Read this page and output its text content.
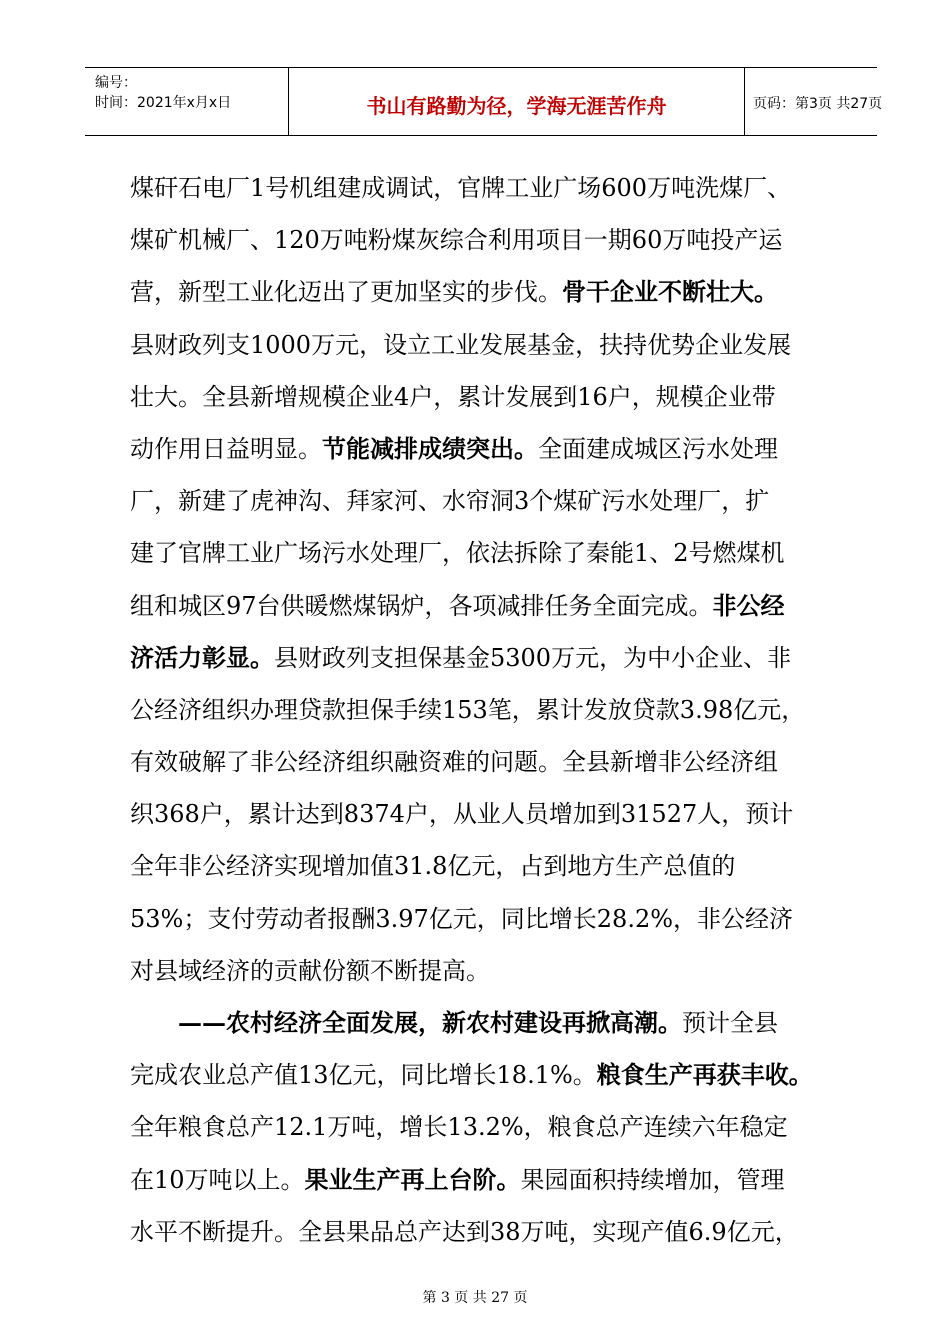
编号：
时间：2021年x月x日	书山有路勤为径，学海无涯苦作舟	页码：第3页 共27页
煤矸石电厂1号机组建成调试，官牌工业广场600万吨洗煤厂、
煤矿机械厂、120万吨粉煤灰综合利用项目一期60万吨投产运
营，新型工业化迈出了更加坚实的步伐。 骨干企业不断壮大。
县财政列支1000万元，设立工业发展基金，扶持优势企业发展
壮大。全县新增规模企业4户，累计发展到16户，规模企业带
动作用日益明显。 节能减排成绩突出。 全面建成城区污水处理
厂，新建了虎神沟、拜家河、水帘洞3个煤矿污水处理厂，扩
建了官牌工业广场污水处理厂，依法拆除了秦能1、2号燃煤机
组和城区97台供暖燃煤锅炉，各项减排任务全面完成。 非公经
济活力彰显。 县财政列支担保基金5300万元，为中小企业、非
公经济组织办理贷款担保手续153笔，累计发放贷款3.98亿元，
有效破解了非公经济组织融资难的问题。全县新增非公经济组
织368户，累计达到8374户，从业人员增加到31527人，预计
全年非公经济实现增加值31.8亿元，占到地方生产总值的
53%；支付劳动者报酬3.97亿元，同比增长28.2%，非公经济
对县域经济的贡献份额不断提高。
——农村经济全面发展，新农村建设再掀高潮。 预计全县
完成农业总产值13亿元，同比增长18.1%。 粮食生产再获丰收。
全年粮食总产12.1万吨，增长13.2%，粮食总产连续六年稳定
在10万吨以上。 果业生产再上台阶。 果园面积持续增加，管理
水平不断提升。全县果品总产达到38万吨，实现产值6.9亿元，
第 3 页 共 27 页
